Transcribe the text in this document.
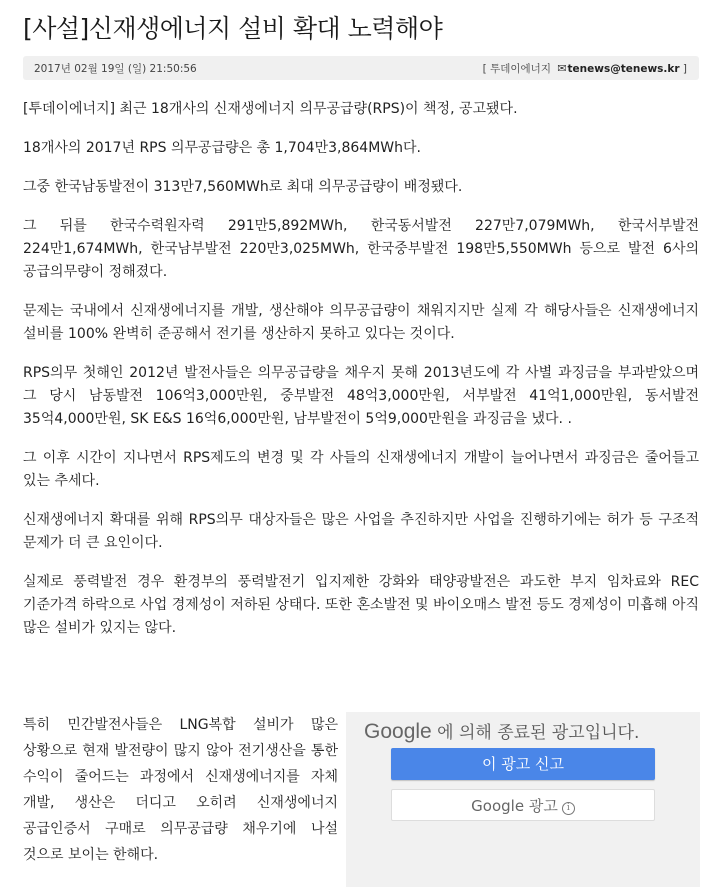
[사설]신재생에너지 설비 확대 노력해야
2017년 02월 19일 (일) 21:50:56	[ 투데이에너지 ✉tenews@tenews.kr ]

[투데이에너지] 최근 18개사의 신재생에너지 의무공급량(RPS)이 책정, 공고됐다.

18개사의 2017년 RPS 의무공급량은 총 1,704만3,864MWh다.

그중 한국남동발전이 313만7,560MWh로 최대 의무공급량이 배정됐다.

그 뒤를 한국수력원자력 291만5,892MWh, 한국동서발전 227만7,079MWh, 한국서부발전 224만1,674MWh, 한국남부발전 220만3,025MWh, 한국중부발전 198만5,550MWh 등으로 발전 6사의 공급의무량이 정해졌다.

문제는 국내에서 신재생에너지를 개발, 생산해야 의무공급량이 채워지지만 실제 각 해당사들은 신재생에너지 설비를 100% 완벽히 준공해서 전기를 생산하지 못하고 있다는 것이다.

RPS의무 첫해인 2012년 발전사들은 의무공급량을 채우지 못해 2013년도에 각 사별 과징금을 부과받았으며 그 당시 남동발전 106억3,000만원, 중부발전 48억3,000만원, 서부발전 41억1,000만원, 동서발전 35억4,000만원, SK E&S 16억6,000만원, 남부발전이 5억9,000만원을 과징금을 냈다. .

그 이후 시간이 지나면서 RPS제도의 변경 및 각 사들의 신재생에너지 개발이 늘어나면서 과징금은 줄어들고 있는 추세다.

신재생에너지 확대를 위해 RPS의무 대상자들은 많은 사업을 추진하지만 사업을 진행하기에는 허가 등 구조적 문제가 더 큰 요인이다.

실제로 풍력발전 경우 환경부의 풍력발전기 입지제한 강화와 태양광발전은 과도한 부지 임차료와 REC 기준가격 하락으로 사업 경제성이 저하된 상태다. 또한 혼소발전 및 바이오매스 발전 등도 경제성이 미흡해 아직 많은 설비가 있지는 않다.

특히 민간발전사들은 LNG복합 설비가 많은 상황으로 현재 발전량이 많지 않아 전기생산을 통한 수익이 줄어드는 과정에서 신재생에너지를 자체 개발, 생산은 더디고 오히려 신재생에너지 공급인증서 구매로 의무공급량 채우기에 나설 것으로 보이는 한해다.
Google 에 의해 종료된 광고입니다.
이 광고 신고
Google 광고 i
